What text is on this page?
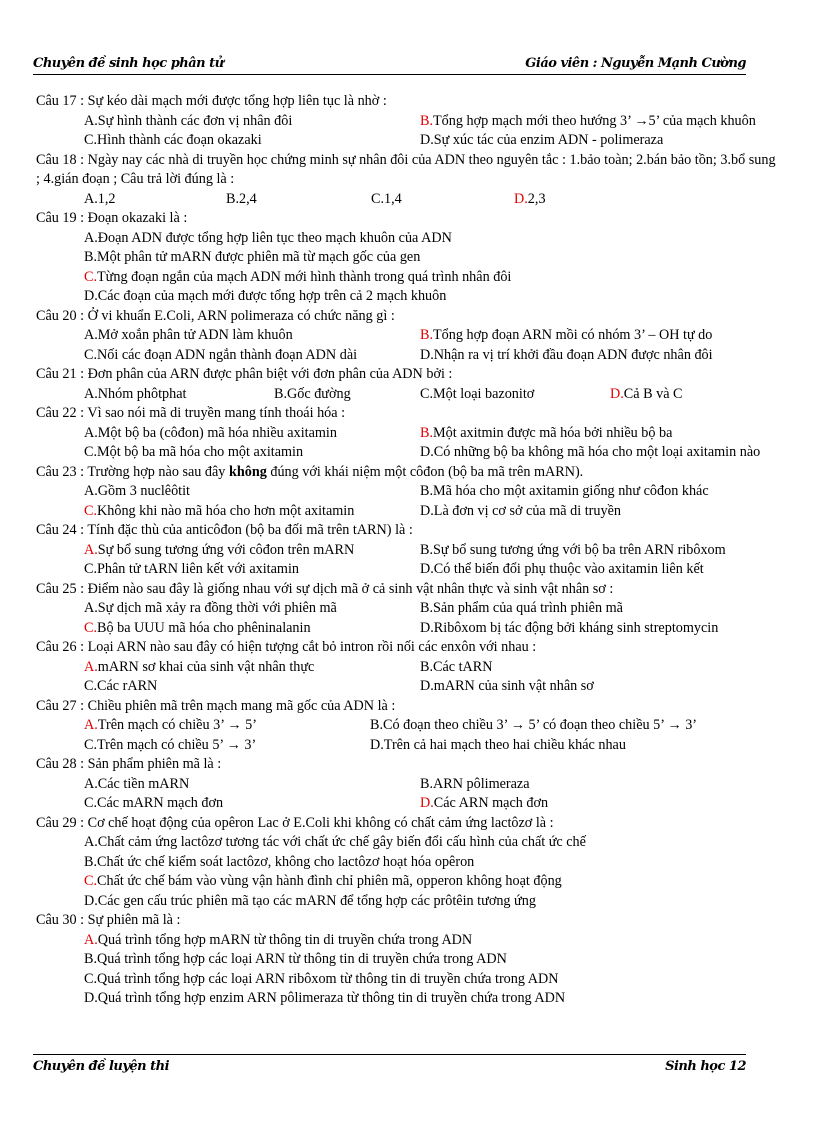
Chuyên đề sinh học phân tử	Giáo viên : Nguyễn Mạnh Cường
Câu 17 : Sự kéo dài mạch mới được tổng hợp liên tục là nhờ :
A.Sự hình thành các đơn vị nhân đôi	B.Tổng hợp mạch mới theo hướng 3’ →5’ của mạch khuôn
C.Hình thành các đoạn okazaki	D.Sự xúc tác của enzim ADN - polimeraza
Câu 18 : Ngày nay các nhà di truyền học chứng minh sự nhân đôi của ADN theo nguyên tắc : 1.bảo toàn; 2.bán bảo tồn; 3.bổ sung ; 4.gián đoạn ; Câu trả lời đúng là :
A.1,2	B.2,4	C.1,4	D.2,3
Câu 19 : Đoạn okazaki là :
A.Đoạn ADN được tổng hợp liên tục theo mạch khuôn của ADN
B.Một phân tử mARN được phiên mã từ mạch gốc của gen
C.Từng đoạn ngắn của mạch ADN mới hình thành trong quá trình nhân đôi
D.Các đoạn của mạch mới được tổng hợp trên cả 2 mạch khuôn
Câu 20 : Ở vi khuẩn E.Coli, ARN polimeraza có chức năng gì :
A.Mở xoắn phân tử ADN làm khuôn	B.Tổng hợp đoạn ARN mồi có nhóm 3’ – OH tự do
C.Nối các đoạn ADN ngắn thành đoạn ADN dài	D.Nhận ra vị trí khởi đầu đoạn ADN được nhân đôi
Câu 21 : Đơn phân của ARN được phân biệt với đơn phân của ADN bởi :
A.Nhóm phôtphat	B.Gốc đường	C.Một loại bazonitơ	D.Cả B và C
Câu 22 : Vì sao nói mã di truyền mang tính thoái hóa :
A.Một bộ ba (côđon) mã hóa nhiều axitamin	B.Một axitmin được mã hóa bởi nhiều bộ ba
C.Một bộ ba mã hóa cho một axitamin	D.Có những bộ ba không mã hóa cho một loại axitamin nào
Câu 23 : Trường hợp nào sau đây không đúng với khái niệm một côđon (bộ ba mã trên mARN).
A.Gồm 3 nuclêôtit	B.Mã hóa cho một axitamin giống như côđon khác
C.Không khi nào mã hóa cho hơn một axitamin	D.Là đơn vị cơ sở của mã di truyền
Câu 24 : Tính đặc thù của anticôđon (bộ ba đối mã trên tARN) là :
A.Sự bổ sung tương ứng với côđon trên mARN	B.Sự bổ sung tương ứng với bộ ba trên ARN ribôxom
C.Phân tử tARN liên kết với axitamin	D.Có thể biến đổi phụ thuộc vào axitamin liên kết
Câu 25 : Điểm nào sau đây là giống nhau với sự dịch mã ở cả sinh vật nhân thực và sinh vật nhân sơ :
A.Sự dịch mã xảy ra đồng thời với phiên mã	B.Sản phẩm của quá trình phiên mã
C.Bộ ba UUU mã hóa cho phêninalanin	D.Ribôxom bị tác động bởi kháng sinh streptomycin
Câu 26 : Loại ARN nào sau đây có hiện tượng cắt bỏ intron rồi nối các enxôn với nhau :
A.mARN sơ khai của sinh vật nhân thực	B.Các tARN
C.Các rARN	D.mARN của sinh vật nhân sơ
Câu 27 : Chiều phiên mã trên mạch mang mã gốc của ADN là :
A.Trên mạch có chiều 3’ → 5’	B.Có đoạn theo chiều 3’ → 5’ có đoạn theo chiều 5’ → 3’
C.Trên mạch có chiều 5’ → 3’	D.Trên cả hai mạch theo hai chiều khác nhau
Câu 28 : Sản phẩm phiên mã là :
A.Các tiền mARN	B.ARN pôlimeraza
C.Các mARN mạch đơn	D.Các ARN mạch đơn
Câu 29 : Cơ chế hoạt động của opêron Lac ở E.Coli khi không có chất cảm ứng lactôzơ là :
A.Chất cảm ứng lactôzơ tương tác với chất ức chế gây biến đổi cấu hình của chất ức chế
B.Chất ức chế kiểm soát lactôzơ, không cho lactôzơ hoạt hóa opêron
C.Chất ức chế bám vào vùng vận hành đình chỉ phiên mã, opperon không hoạt động
D.Các gen cấu trúc phiên mã tạo các mARN để tổng hợp các prôtêin tương ứng
Câu 30 : Sự phiên mã là :
A.Quá trình tổng hợp mARN từ thông tin di truyền chứa trong ADN
B.Quá trình tổng hợp các loại ARN từ thông tin di truyền chứa trong ADN
C.Quá trình tổng hợp các loại ARN ribôxom từ thông tin di truyền chứa trong ADN
D.Quá trình tổng hợp enzim ARN pôlimeraza từ thông tin di truyền chứa trong ADN
Chuyên đề luyện thi	Sinh học 12
